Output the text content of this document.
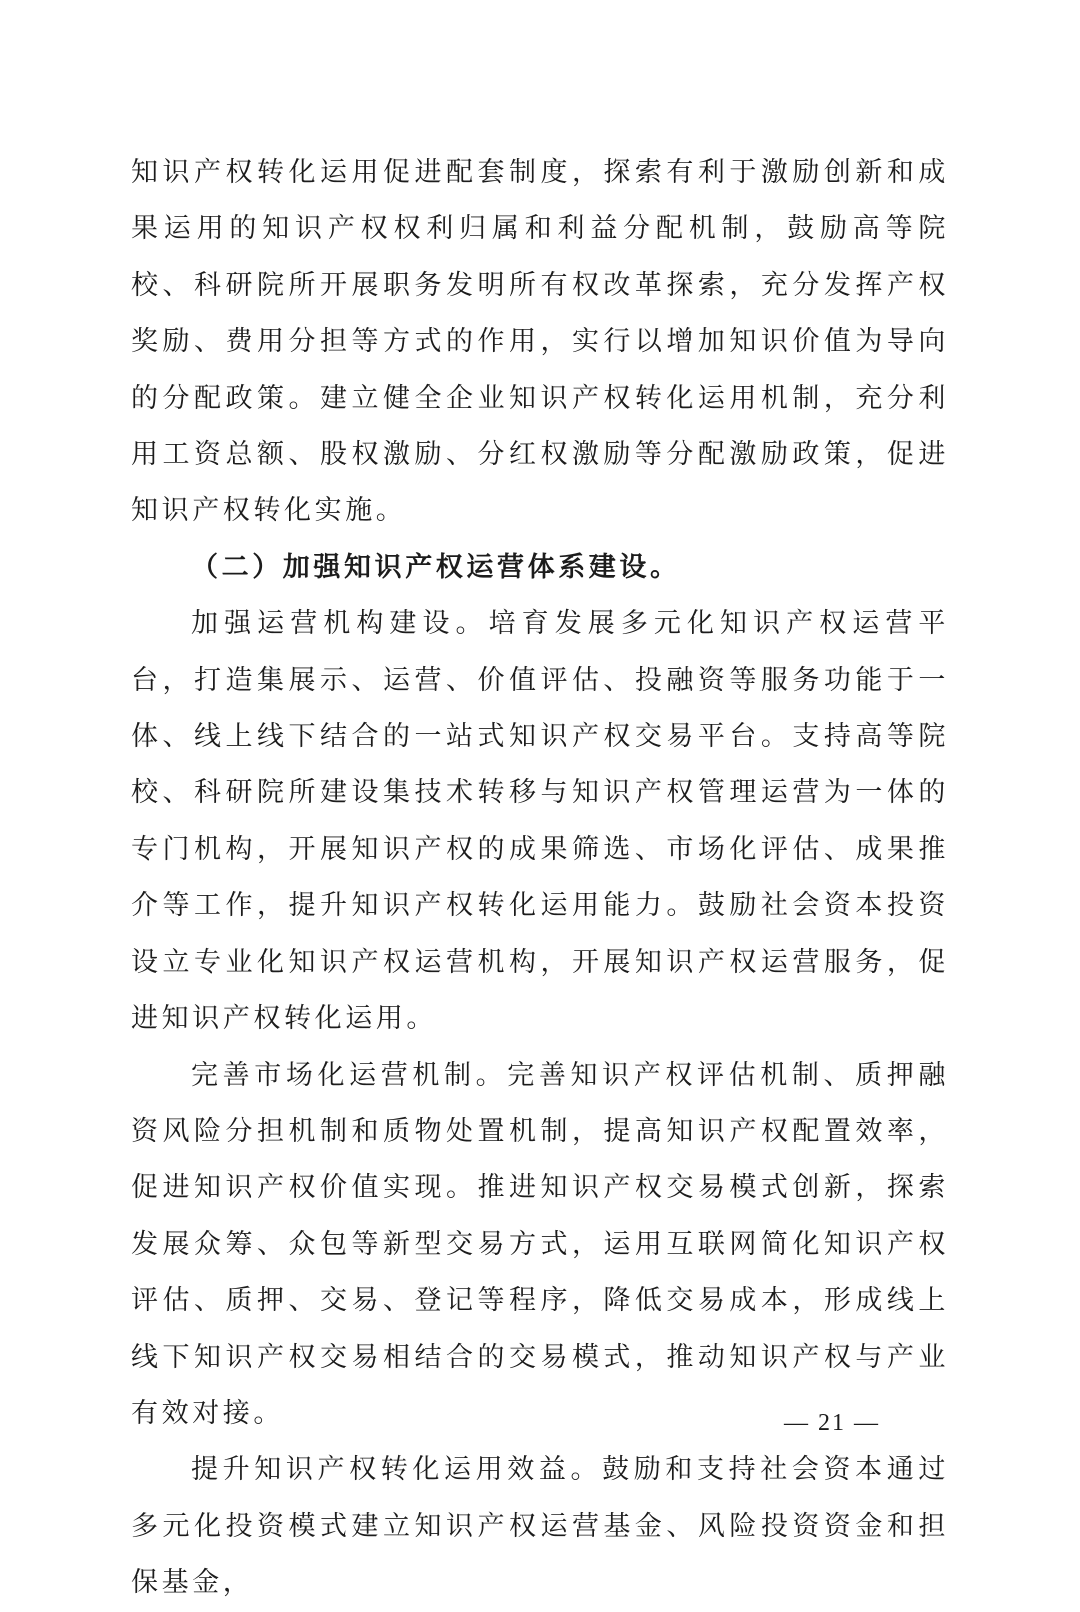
知识产权转化运用促进配套制度，探索有利于激励创新和成果运用的知识产权权利归属和利益分配机制，鼓励高等院校、科研院所开展职务发明所有权改革探索，充分发挥产权奖励、费用分担等方式的作用，实行以增加知识价值为导向的分配政策。建立健全企业知识产权转化运用机制，充分利用工资总额、股权激励、分红权激励等分配激励政策，促进知识产权转化实施。

（二）加强知识产权运营体系建设。

加强运营机构建设。培育发展多元化知识产权运营平台，打造集展示、运营、价值评估、投融资等服务功能于一体、线上线下结合的一站式知识产权交易平台。支持高等院校、科研院所建设集技术转移与知识产权管理运营为一体的专门机构，开展知识产权的成果筛选、市场化评估、成果推介等工作，提升知识产权转化运用能力。鼓励社会资本投资设立专业化知识产权运营机构，开展知识产权运营服务，促进知识产权转化运用。

完善市场化运营机制。完善知识产权评估机制、质押融资风险分担机制和质物处置机制，提高知识产权配置效率，促进知识产权价值实现。推进知识产权交易模式创新，探索发展众筹、众包等新型交易方式，运用互联网简化知识产权评估、质押、交易、登记等程序，降低交易成本，形成线上线下知识产权交易相结合的交易模式，推动知识产权与产业有效对接。

提升知识产权转化运用效益。鼓励和支持社会资本通过多元化投资模式建立知识产权运营基金、风险投资资金和担保基金，

— 21 —
